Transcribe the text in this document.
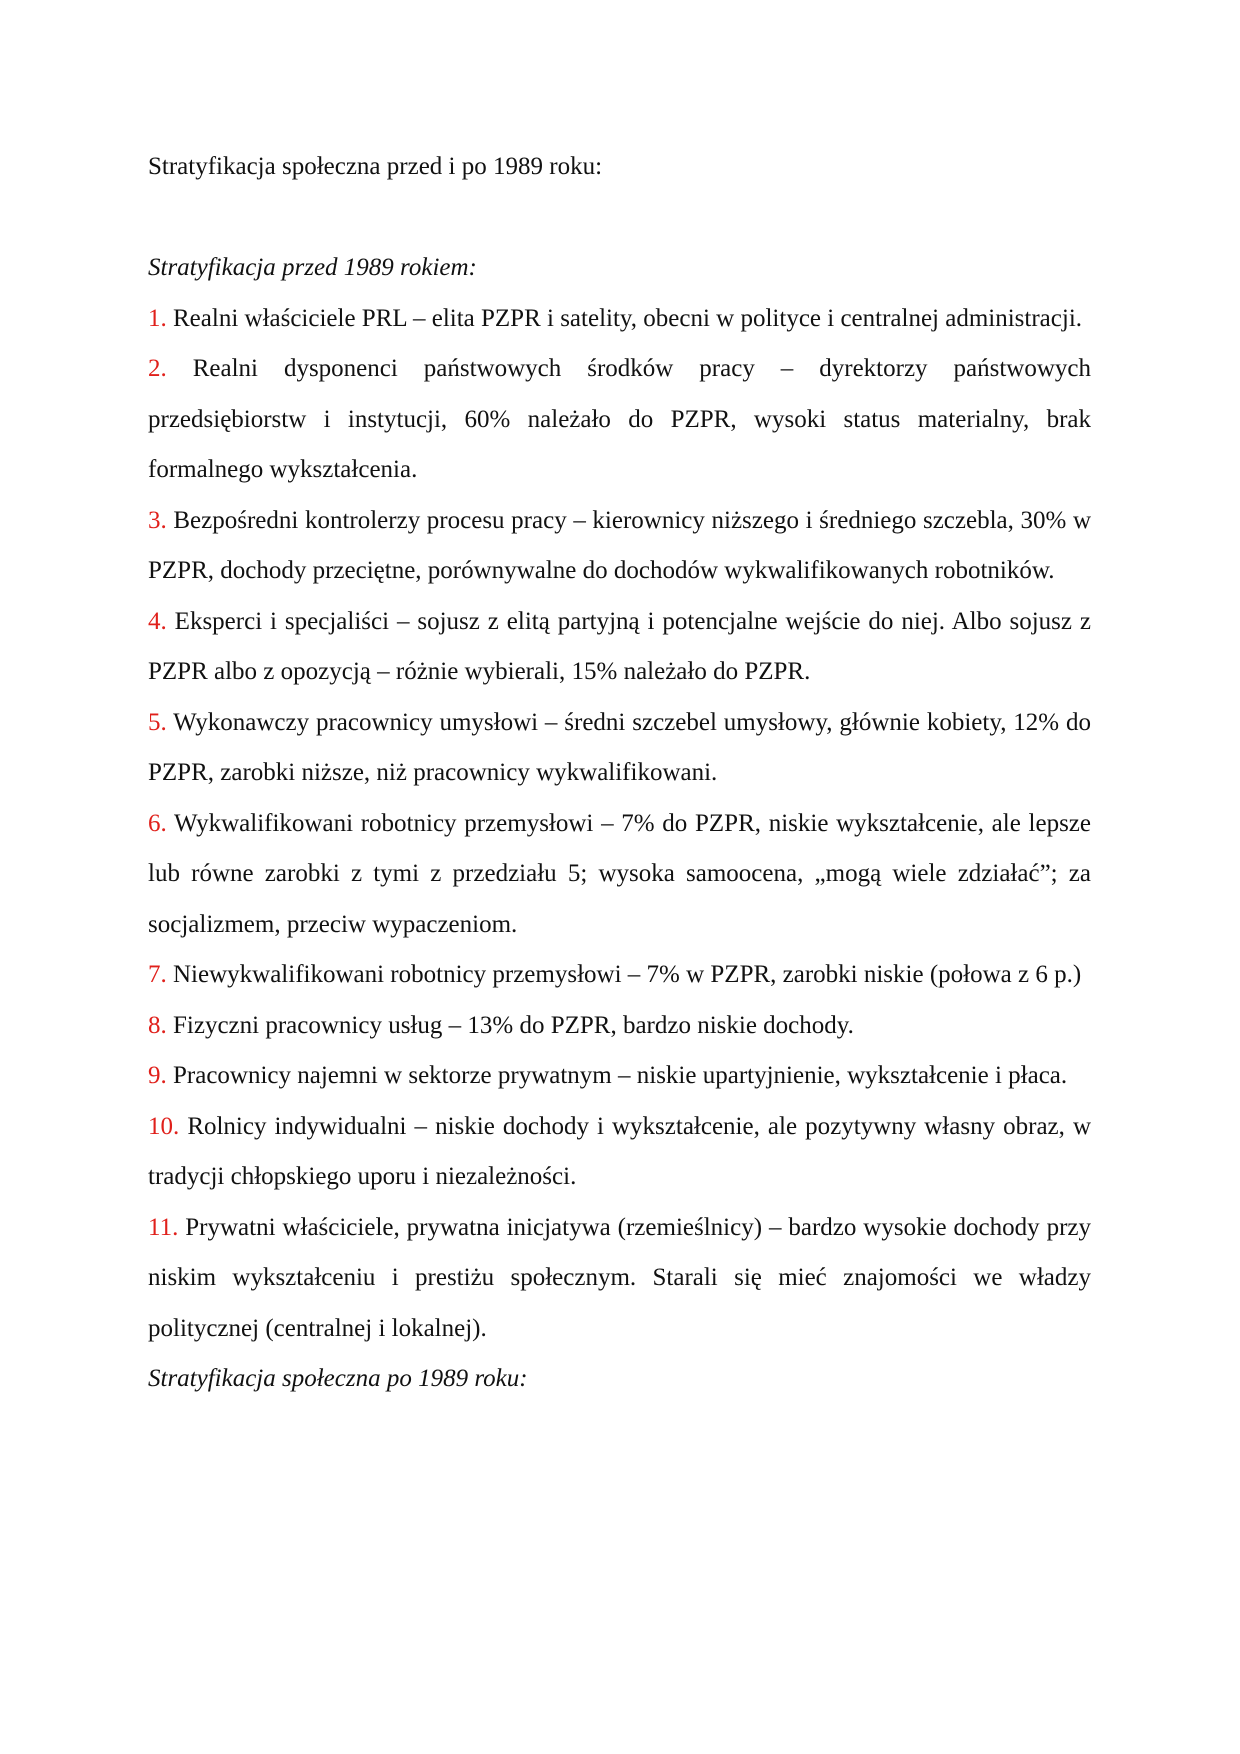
Stratyfikacja społeczna przed i po 1989 roku:

Stratyfikacja przed 1989 rokiem:

1. Realni właściciele PRL – elita PZPR i satelity, obecni w polityce i centralnej administracji.

2. Realni dysponenci państwowych środków pracy – dyrektorzy państwowych przedsiębiorstw i instytucji, 60% należało do PZPR, wysoki status materialny, brak formalnego wykształcenia.

3. Bezpośredni kontrolerzy procesu pracy – kierownicy niższego i średniego szczebla, 30% w PZPR, dochody przeciętne, porównywalne do dochodów wykwalifikowanych robotników.

4. Eksperci i specjaliści – sojusz z elitą partyjną i potencjalne wejście do niej. Albo sojusz z PZPR albo z opozycją – różnie wybierali, 15% należało do PZPR.

5. Wykonawczy pracownicy umysłowi – średni szczebel umysłowy, głównie kobiety, 12% do PZPR, zarobki niższe, niż pracownicy wykwalifikowani.

6. Wykwalifikowani robotnicy przemysłowi – 7% do PZPR, niskie wykształcenie, ale lepsze lub równe zarobki z tymi z przedziału 5; wysoka samoocena, „mogą wiele zdziałać”; za socjalizmem, przeciw wypaczeniom.

7. Niewykwalifikowani robotnicy przemysłowi – 7% w PZPR, zarobki niskie (połowa z 6 p.)

8. Fizyczni pracownicy usług – 13% do PZPR, bardzo niskie dochody.

9. Pracownicy najemni w sektorze prywatnym – niskie upartyjnienie, wykształcenie i płaca.

10. Rolnicy indywidualni – niskie dochody i wykształcenie, ale pozytywny własny obraz, w tradycji chłopskiego uporu i niezależności.

11. Prywatni właściciele, prywatna inicjatywa (rzemieślnicy) – bardzo wysokie dochody przy niskim wykształceniu i prestiżu społecznym. Starali się mieć znajomości we władzy politycznej (centralnej i lokalnej).

Stratyfikacja społeczna po 1989 roku:
